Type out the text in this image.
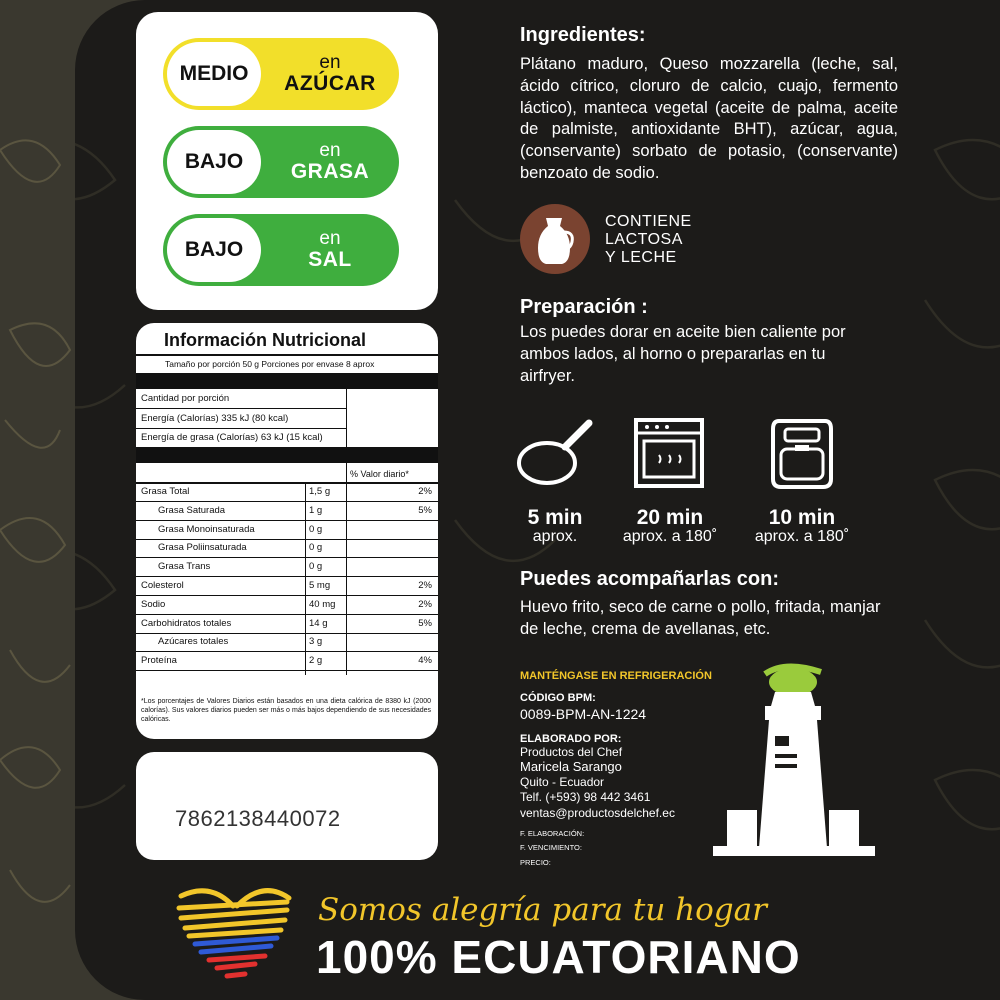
MEDIO	en
AZÚCAR
BAJO	en
GRASA
BAJO	en
SAL
Información Nutricional
Tamaño por porción 50 g Porciones por envase 8 aprox
Cantidad por porción
Energía (Calorías) 335 kJ (80 kcal)
Energía de grasa (Calorías) 63 kJ (15 kcal)
% Valor diario*
Grasa Total	1,5 g	2%
Grasa Saturada	1 g	5%
Grasa Monoinsaturada	0 g
Grasa Poliinsaturada	0 g
Grasa Trans	0 g
Colesterol	5 mg	2%
Sodio	40 mg	2%
Carbohidratos totales	14 g	5%
Azúcares totales	3 g
Proteína	2 g	4%
*Los porcentajes de Valores Diarios están basados en una dieta calórica de 8380 kJ (2000 calorías). Sus valores diarios pueden ser más o más bajos dependiendo de sus necesidades calóricas.
7862138440072
Ingredientes:
Plátano maduro, Queso mozzarella (leche, sal, ácido cítrico, cloruro de calcio, cuajo, fermento láctico), manteca vegetal (aceite de palma, aceite de palmiste, antioxidante BHT), azúcar, agua, (conservante) sorbato de potasio, (conservante) benzoato de sodio.
CONTIENE
LACTOSA
Y LECHE
Preparación :
Los puedes dorar en aceite bien caliente por ambos lados, al horno o prepararlas en tu airfryer.
5 min
aprox.
20 min
aprox. a 180˚
10 min
aprox. a 180˚
Puedes acompañarlas con:
Huevo frito, seco de carne o pollo, fritada, manjar de leche, crema de avellanas, etc.
MANTÉNGASE EN REFRIGERACIÓN
CÓDIGO BPM:
0089-BPM-AN-1224
ELABORADO POR:
Productos del Chef
Maricela Sarango
Quito - Ecuador
Telf. (+593) 98 442 3461
ventas@productosdelchef.ec
F. ELABORACIÓN:
F. VENCIMIENTO:
PRECIO:
Somos alegría para tu hogar
100% ECUATORIANO
